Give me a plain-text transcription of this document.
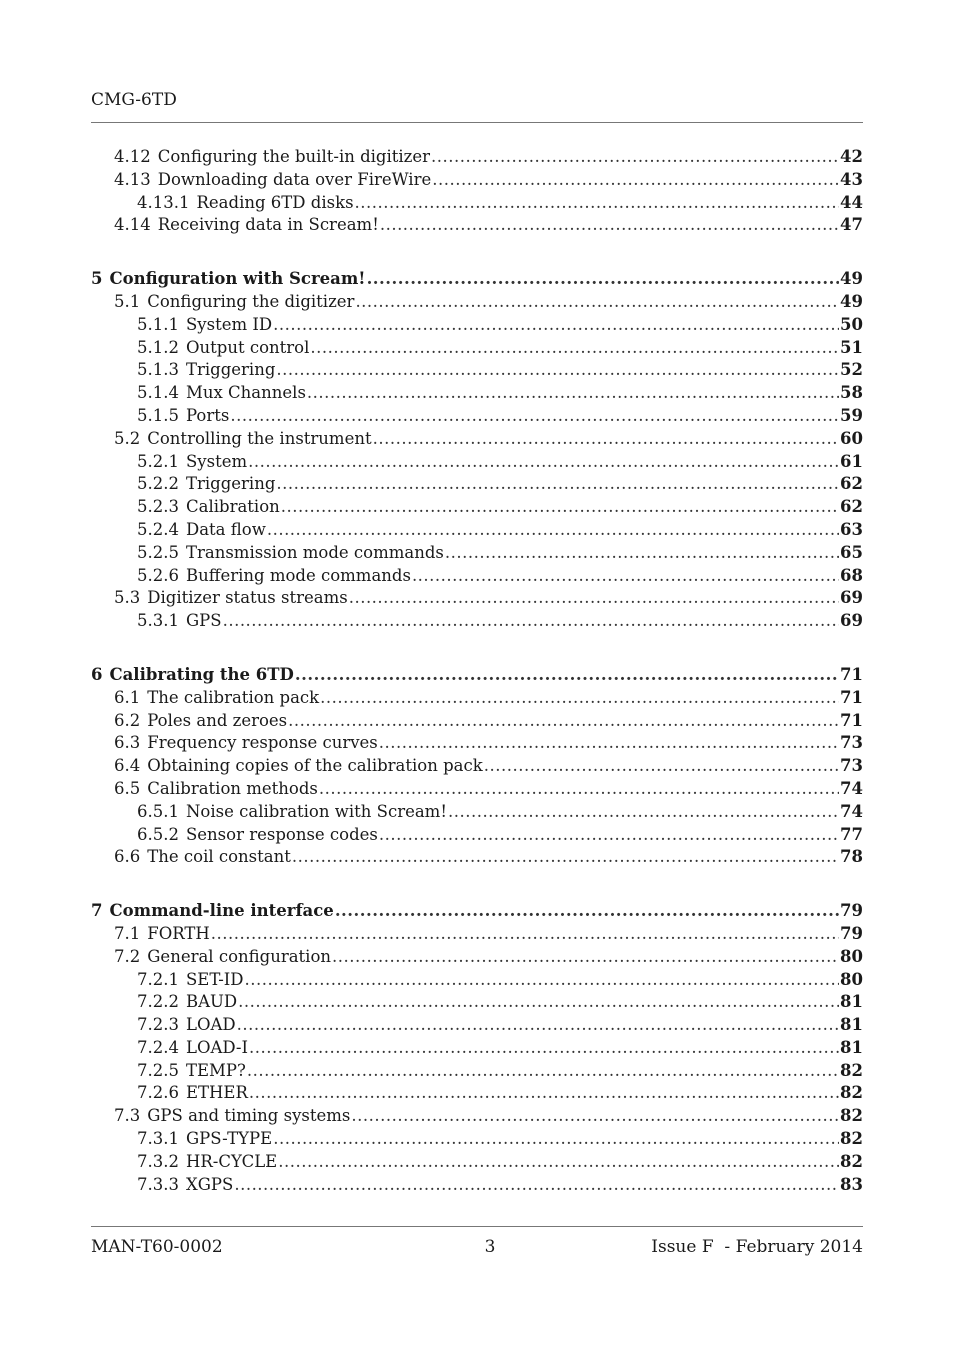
CMG-6TD
4.12 Configuring the built-in digitizer .....	42
4.13 Downloading data over FireWire .....	43
4.13.1 Reading 6TD disks .....	44
4.14 Receiving data in Scream! .....	47
5 Configuration with Scream! .....	49
5.1 Configuring the digitizer .....	49
5.1.1 System ID .....	50
5.1.2 Output control .....	51
5.1.3 Triggering .....	52
5.1.4 Mux Channels .....	58
5.1.5 Ports .....	59
5.2 Controlling the instrument .....	60
5.2.1 System .....	61
5.2.2 Triggering .....	62
5.2.3 Calibration .....	62
5.2.4 Data flow .....	63
5.2.5 Transmission mode commands .....	65
5.2.6 Buffering mode commands .....	68
5.3 Digitizer status streams .....	69
5.3.1 GPS .....	69
6 Calibrating the 6TD .....	71
6.1 The calibration pack .....	71
6.2 Poles and zeroes .....	71
6.3 Frequency response curves .....	73
6.4 Obtaining copies of the calibration pack .....	73
6.5 Calibration methods .....	74
6.5.1 Noise calibration with Scream! .....	74
6.5.2 Sensor response codes .....	77
6.6 The coil constant .....	78
7 Command-line interface .....	79
7.1 FORTH .....	79
7.2 General configuration .....	80
7.2.1 SET-ID .....	80
7.2.2 BAUD .....	81
7.2.3 LOAD .....	81
7.2.4 LOAD-I .....	81
7.2.5 TEMP? .....	82
7.2.6 ETHER .....	82
7.3 GPS and timing systems .....	82
7.3.1 GPS-TYPE .....	82
7.3.2 HR-CYCLE .....	82
7.3.3 XGPS .....	83
MAN-T60-0002	3	Issue F  - February 2014
